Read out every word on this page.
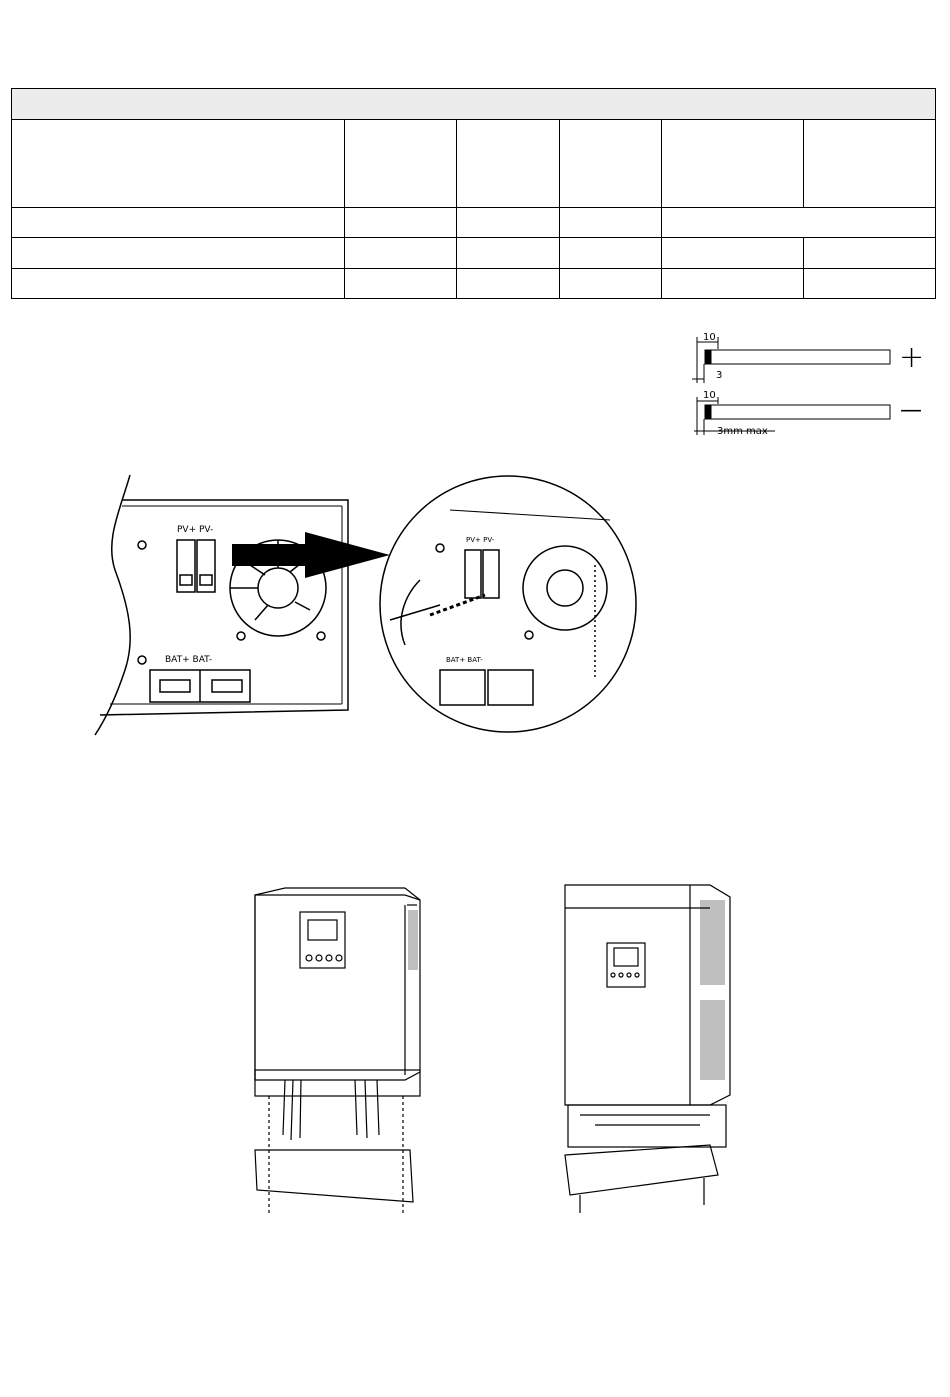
10
3
+
10
3mm max
—
PV+ PV-
BAT+ BAT-
PV+ PV-
BAT+ BAT-
